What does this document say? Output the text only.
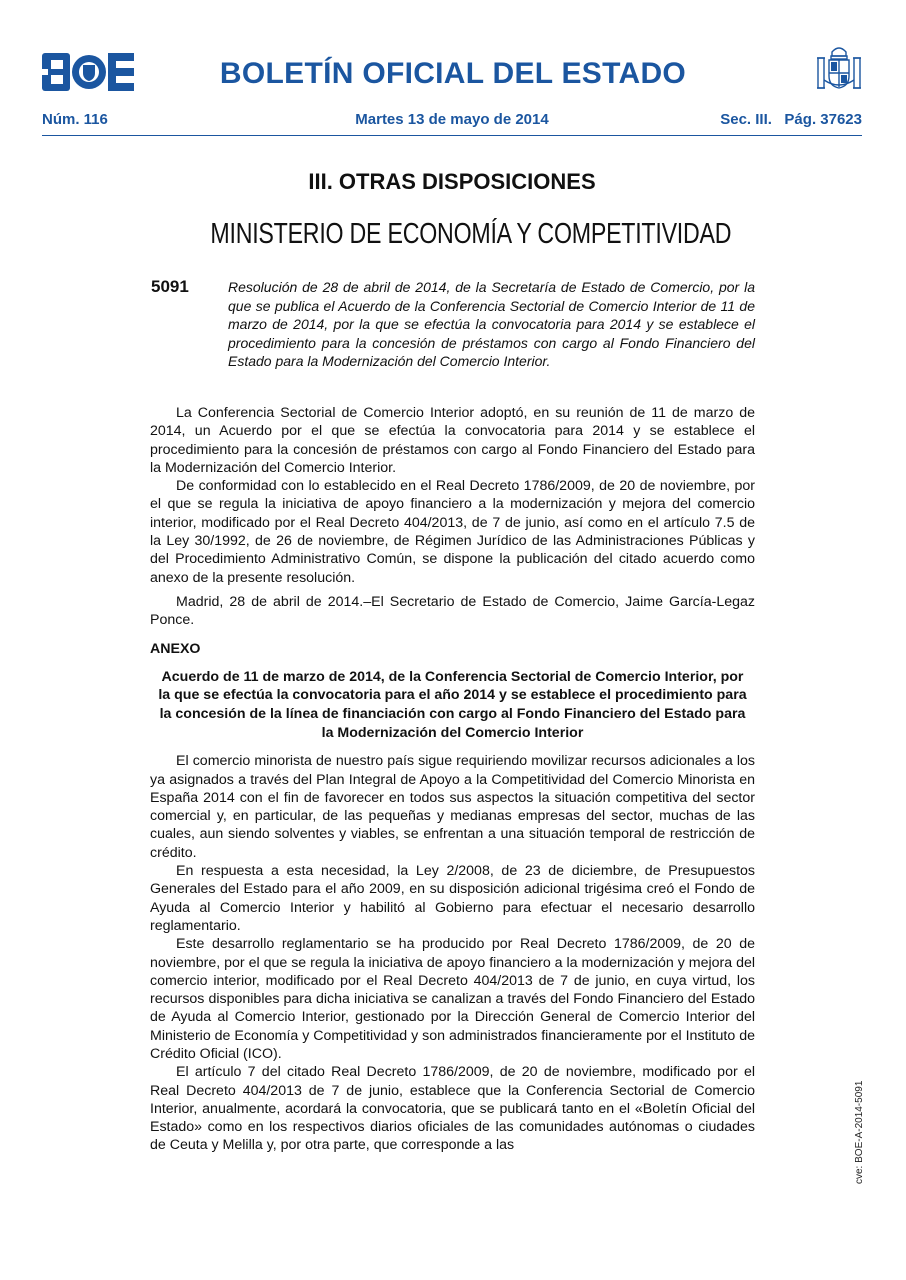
BOLETÍN OFICIAL DEL ESTADO
Núm. 116	Martes 13 de mayo de 2014	Sec. III.   Pág. 37623
III. OTRAS DISPOSICIONES
MINISTERIO DE ECONOMÍA Y COMPETITIVIDAD
5091	Resolución de 28 de abril de 2014, de la Secretaría de Estado de Comercio, por la que se publica el Acuerdo de la Conferencia Sectorial de Comercio Interior de 11 de marzo de 2014, por la que se efectúa la convocatoria para 2014 y se establece el procedimiento para la concesión de préstamos con cargo al Fondo Financiero del Estado para la Modernización del Comercio Interior.

La Conferencia Sectorial de Comercio Interior adoptó, en su reunión de 11 de marzo de 2014, un Acuerdo por el que se efectúa la convocatoria para 2014 y se establece el procedimiento para la concesión de préstamos con cargo al Fondo Financiero del Estado para la Modernización del Comercio Interior.

De conformidad con lo establecido en el Real Decreto 1786/2009, de 20 de noviembre, por el que se regula la iniciativa de apoyo financiero a la modernización y mejora del comercio interior, modificado por el Real Decreto 404/2013, de 7 de junio, así como en el artículo 7.5 de la Ley 30/1992, de 26 de noviembre, de Régimen Jurídico de las Administraciones Públicas y del Procedimiento Administrativo Común, se dispone la publicación del citado acuerdo como anexo de la presente resolución.

Madrid, 28 de abril de 2014.–El Secretario de Estado de Comercio, Jaime García-Legaz Ponce.

ANEXO

Acuerdo de 11 de marzo de 2014, de la Conferencia Sectorial de Comercio Interior, por la que se efectúa la convocatoria para el año 2014 y se establece el procedimiento para la concesión de la línea de financiación con cargo al Fondo Financiero del Estado para la Modernización del Comercio Interior

El comercio minorista de nuestro país sigue requiriendo movilizar recursos adicionales a los ya asignados a través del Plan Integral de Apoyo a la Competitividad del Comercio Minorista en España 2014 con el fin de favorecer en todos sus aspectos la situación competitiva del sector comercial y, en particular, de las pequeñas y medianas empresas del sector, muchas de las cuales, aun siendo solventes y viables, se enfrentan a una situación temporal de restricción de crédito.

En respuesta a esta necesidad, la Ley 2/2008, de 23 de diciembre, de Presupuestos Generales del Estado para el año 2009, en su disposición adicional trigésima creó el Fondo de Ayuda al Comercio Interior y habilitó al Gobierno para efectuar el necesario desarrollo reglamentario.

Este desarrollo reglamentario se ha producido por Real Decreto 1786/2009, de 20 de noviembre, por el que se regula la iniciativa de apoyo financiero a la modernización y mejora del comercio interior, modificado por el Real Decreto 404/2013 de 7 de junio, en cuya virtud, los recursos disponibles para dicha iniciativa se canalizan a través del Fondo Financiero del Estado de Ayuda al Comercio Interior, gestionado por la Dirección General de Comercio Interior del Ministerio de Economía y Competitividad y son administrados financieramente por el Instituto de Crédito Oficial (ICO).

El artículo 7 del citado Real Decreto 1786/2009, de 20 de noviembre, modificado por el Real Decreto 404/2013 de 7 de junio, establece que la Conferencia Sectorial de Comercio Interior, anualmente, acordará la convocatoria, que se publicará tanto en el «Boletín Oficial del Estado» como en los respectivos diarios oficiales de las comunidades autónomas o ciudades de Ceuta y Melilla y, por otra parte, que corresponde a las	cve: BOE-A-2014-5091
